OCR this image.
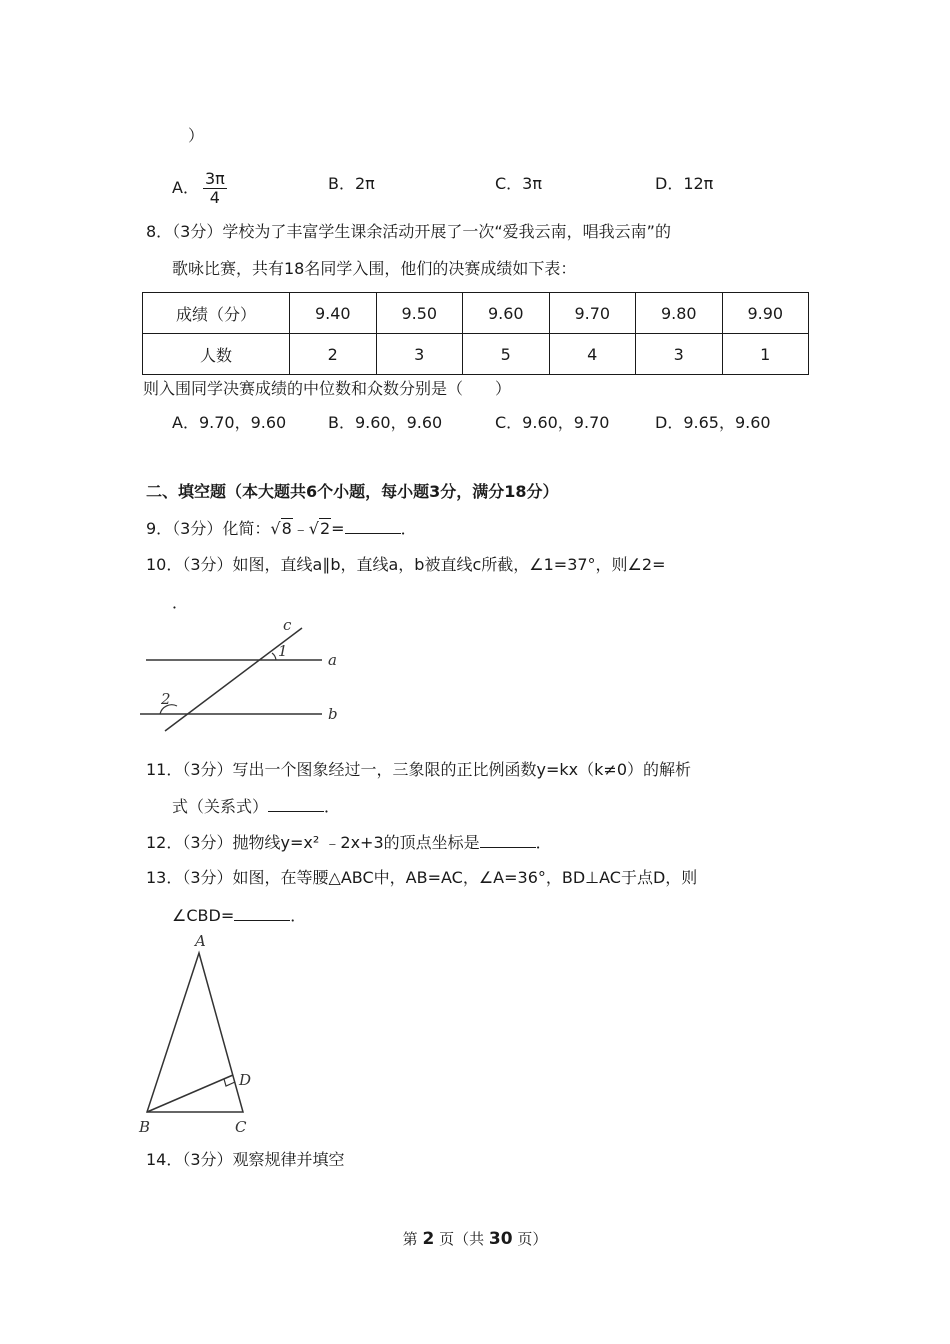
）
A． $\frac{3\pi}{4}$	B．2π	C．3π	D．12π
8．（3分）学校为了丰富学生课余活动开展了一次“爱我云南，唱我云南”的
歌咏比赛，共有18名同学入围，他们的决赛成绩如下表：
成绩（分）	9.40	9.50	9.60	9.70	9.80	9.90
人数	2	3	5	4	3	1
则入围同学决赛成绩的中位数和众数分别是（　　）
A．9.70，9.60	B．9.60，9.60	C．9.60，9.70	D．9.65，9.60
二、填空题（本大题共6个小题，每小题3分，满分18分）
9．（3分）化简：√8﹣√2=	．
10．（3分）如图，直线a∥b，直线a，b被直线c所截，∠1=37°，则∠2=
．
c
1	a
2
b
11．（3分）写出一个图象经过一，三象限的正比例函数y=kx（k≠0）的解析
式（关系式）	．
12．（3分）抛物线y=x² ﹣2x+3的顶点坐标是	．
13．（3分）如图，在等腰△ABC中，AB=AC，∠A=36°，BD⊥AC于点D，则
∠CBD=	．
A
B	C
D
14．（3分）观察规律并填空
第 2 页（共 30 页）
